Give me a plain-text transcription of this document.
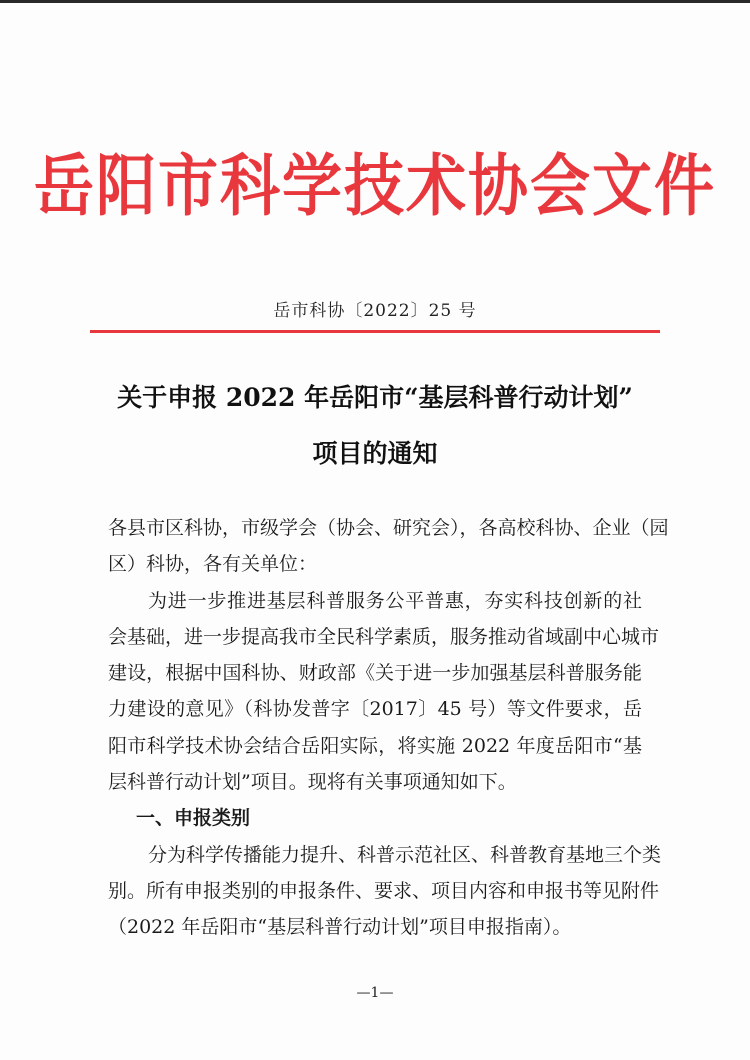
岳阳市科学技术协会文件
岳市科协〔2022〕25 号
关于申报 2022 年岳阳市“基层科普行动计划”
项目的通知
各县市区科协，市级学会（协会、研究会），各高校科协、企业（园
区）科协，各有关单位：
为进一步推进基层科普服务公平普惠，夯实科技创新的社
会基础，进一步提高我市全民科学素质，服务推动省域副中心城市
建设，根据中国科协、财政部《关于进一步加强基层科普服务能
力建设的意见》（科协发普字〔2017〕45 号）等文件要求，岳
阳市科学技术协会结合岳阳实际，将实施 2022 年度岳阳市“基
层科普行动计划”项目。现将有关事项通知如下。
一、申报类别
分为科学传播能力提升、科普示范社区、科普教育基地三个类
别。所有申报类别的申报条件、要求、项目内容和申报书等见附件
（2022 年岳阳市“基层科普行动计划”项目申报指南）。
—1—
